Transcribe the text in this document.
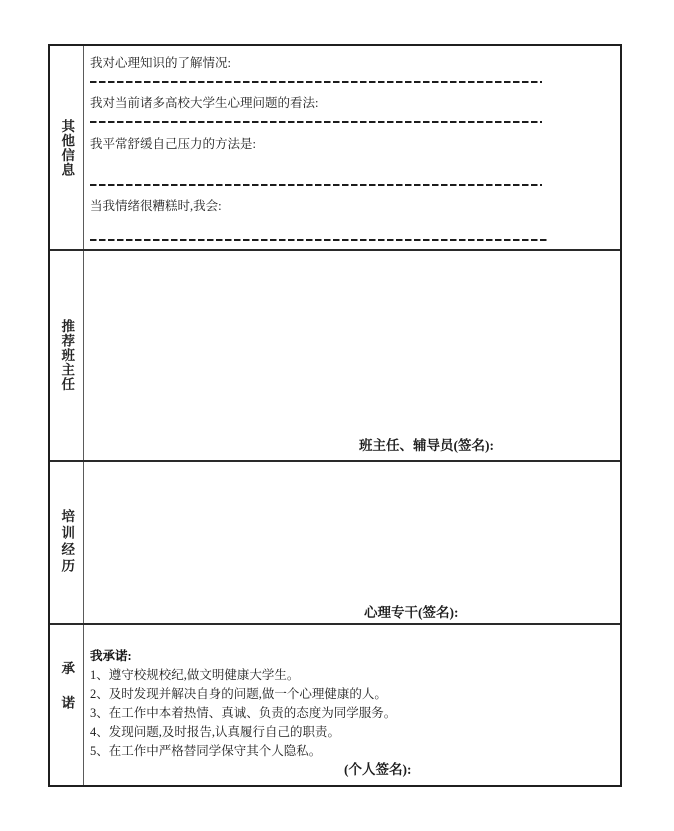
其他信息
我对心理知识的了解情况:
我对当前诸多高校大学生心理问题的看法:
我平常舒缓自己压力的方法是:
当我情绪很糟糕时,我会:
推荐班主任
班主任、辅导员(签名):
培训经历
心理专干(签名):
承诺
我承诺:
1、遵守校规校纪,做文明健康大学生。
2、及时发现并解决自身的问题,做一个心理健康的人。
3、在工作中本着热情、真诚、负责的态度为同学服务。
4、发现问题,及时报告,认真履行自己的职责。
5、在工作中严格替同学保守其个人隐私。
(个人签名):
